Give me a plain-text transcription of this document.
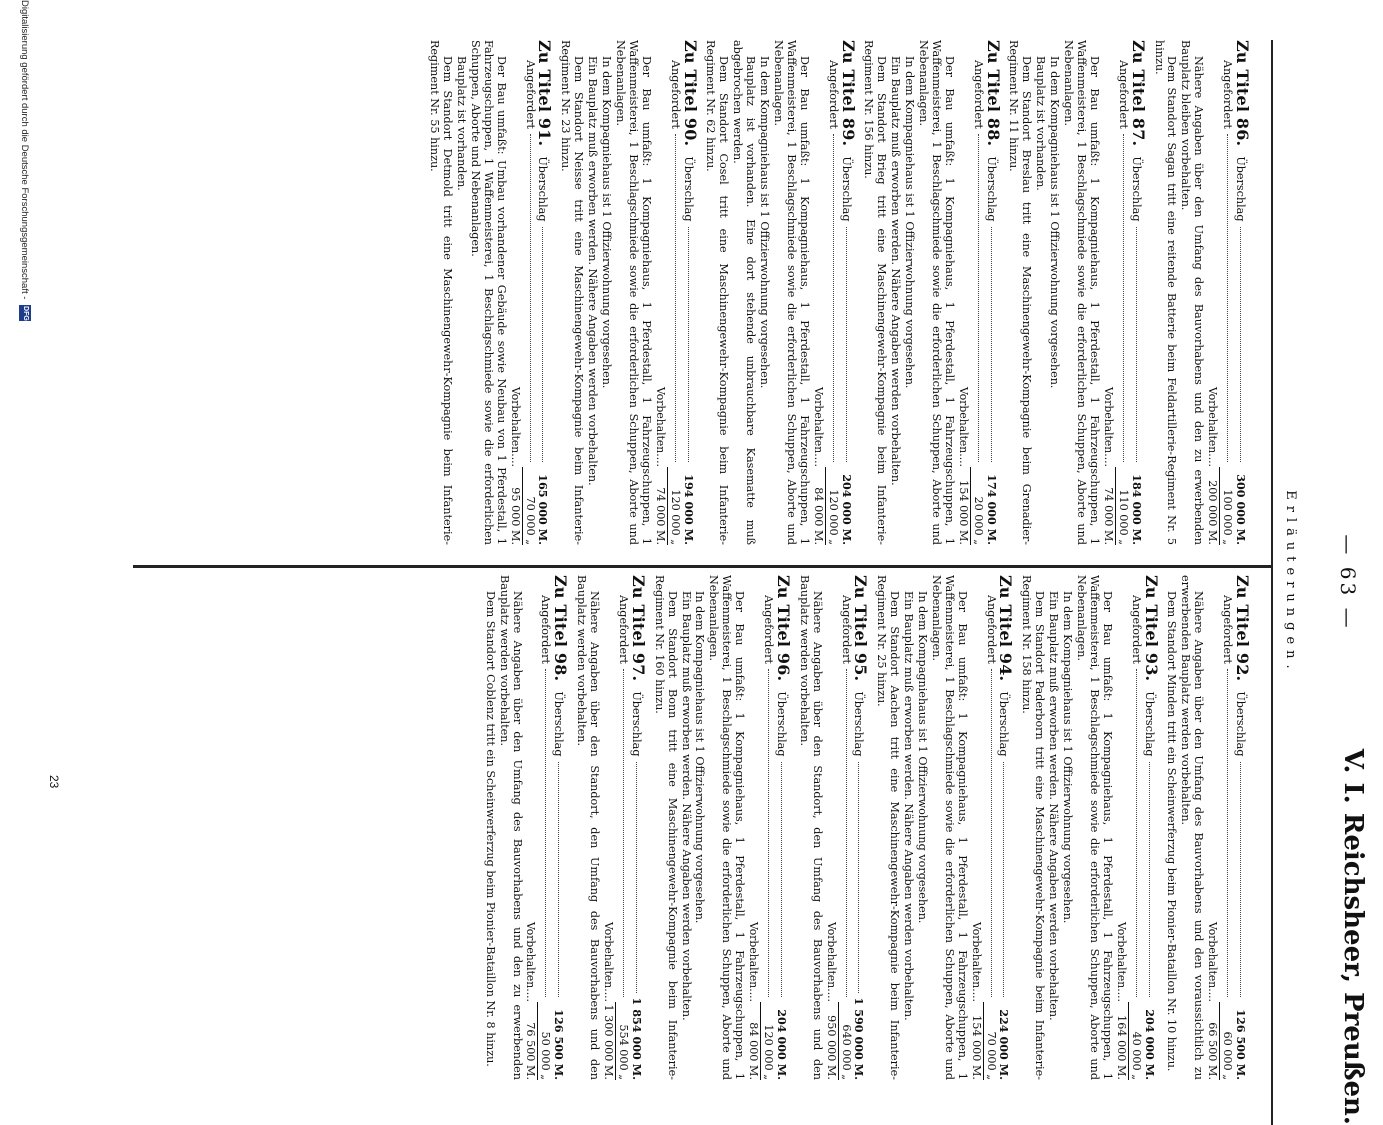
— 63 —
V. I. Reichsheer, Preußen.
Erläuterungen.
Zu Titel 86.
Überschlag
300 000 M.
Angefordert
100 000 „
Vorbehalten....
200 000 M.

Nähere Angaben über den Umfang des Bauvorhabens und den zu erwerbenden Bauplatz bleiben vorbehalten.

Dem Standort Sagan tritt eine reitende Batterie beim Feldartillerie-Regiment Nr. 5 hinzu.

Zu Titel 87.
Überschlag
184 000 M.
Angefordert
110 000 „
Vorbehalten....
74 000 M.

Der Bau umfaßt: 1 Kompagniehaus, 1 Pferdestall, 1 Fahrzeugschuppen, 1 Waffenmeisterei, 1 Beschlagschmiede sowie die erforderlichen Schuppen, Aborte und Nebenanlagen.

In dem Kompagniehaus ist 1 Offizierwohnung vorgesehen.

Bauplatz ist vorhanden.

Dem Standort Breslau tritt eine Maschinengewehr-Kompagnie beim Grenadier-Regiment Nr. 11 hinzu.

Zu Titel 88.
Überschlag
174 000 M.
Angefordert
20 000 „
Vorbehalten....
154 000 M.

Der Bau umfaßt: 1 Kompagniehaus, 1 Pferdestall, 1 Fahrzeugschuppen, 1 Waffenmeisterei, 1 Beschlagschmiede sowie die erforderlichen Schuppen, Aborte und Nebenanlagen.

In dem Kompagniehaus ist 1 Offizierwohnung vorgesehen.

Ein Bauplatz muß erworben werden. Nähere Angaben werden vorbehalten.

Dem Standort Brieg tritt eine Maschinengewehr-Kompagnie beim Infanterie-Regiment Nr. 156 hinzu.

Zu Titel 89.
Überschlag
204 000 M.
Angefordert
120 000 „
Vorbehalten....
84 000 M.

Der Bau umfaßt: 1 Kompagniehaus, 1 Pferdestall, 1 Fahrzeugschuppen, 1 Waffenmeisterei, 1 Beschlagschmiede sowie die erforderlichen Schuppen, Aborte und Nebenanlagen.

In dem Kompagniehaus ist 1 Offizierwohnung vorgesehen.

Bauplatz ist vorhanden. Eine dort stehende unbrauchbare Kasematte muß abgebrochen werden.

Dem Standort Cosel tritt eine Maschinengewehr-Kompagnie beim Infanterie-Regiment Nr. 62 hinzu.

Zu Titel 90.
Überschlag
194 000 M.
Angefordert
120 000 „
Vorbehalten....
74 000 M.

Der Bau umfaßt: 1 Kompagniehaus, 1 Pferdestall, 1 Fahrzeugschuppen, 1 Waffenmeisterei, 1 Beschlagschmiede sowie die erforderlichen Schuppen, Aborte und Nebenanlagen.

In dem Kompagniehaus ist 1 Offizierwohnung vorgesehen.

Ein Bauplatz muß erworben werden. Nähere Angaben werden vorbehalten.

Dem Standort Neisse tritt eine Maschinengewehr-Kompagnie beim Infanterie-Regiment Nr. 23 hinzu.

Zu Titel 91.
Überschlag
165 000 M.
Angefordert
70 000 „
Vorbehalten....
95 000 M.

Der Bau umfaßt: Umbau vorhandener Gebäude sowie Neubau von 1 Pferdestall, 1 Fahrzeugschuppen, 1 Waffenmeisterei, 1 Beschlagschmiede sowie die erforderlichen Schuppen, Aborte und Nebenanlagen.

Bauplatz ist vorhanden.

Dem Standort Detmold tritt eine Maschinengewehr-Kompagnie beim Infanterie-Regiment Nr. 55 hinzu.

Zu Titel 92.
Überschlag
126 500 M.
Angefordert
60 000 „
Vorbehalten....
66 500 M.

Nähere Angaben über den Umfang des Bauvorhabens und den voraussichtlich zu erwerbenden Bauplatz werden vorbehalten.

Dem Standort Minden tritt ein Scheinwerferzug beim Pionier-Bataillon Nr. 10 hinzu.

Zu Titel 93.
Überschlag
204 000 M.
Angefordert
40 000 „
Vorbehalten....
164 000 M.

Der Bau umfaßt: 1 Kompagniehaus, 1 Pferdestall, 1 Fahrzeugschuppen, 1 Waffenmeisterei, 1 Beschlagschmiede sowie die erforderlichen Schuppen, Aborte und Nebenanlagen.

In dem Kompagniehaus ist 1 Offizierwohnung vorgesehen.

Ein Bauplatz muß erworben werden. Nähere Angaben werden vorbehalten.

Dem Standort Paderborn tritt eine Maschinengewehr-Kompagnie beim Infanterie-Regiment Nr. 158 hinzu.

Zu Titel 94.
Überschlag
224 000 M.
Angefordert
70 000 „
Vorbehalten....
154 000 M.

Der Bau umfaßt: 1 Kompagniehaus, 1 Pferdestall, 1 Fahrzeugschuppen, 1 Waffenmeisterei, 1 Beschlagschmiede sowie die erforderlichen Schuppen, Aborte und Nebenanlagen.

In dem Kompagniehaus ist 1 Offizierwohnung vorgesehen.

Ein Bauplatz muß erworben werden. Nähere Angaben werden vorbehalten.

Dem Standort Aachen tritt eine Maschinengewehr-Kompagnie beim Infanterie-Regiment Nr. 25 hinzu.

Zu Titel 95.
Überschlag
1 590 000 M.
Angefordert
640 000 „
Vorbehalten....
950 000 M.

Nähere Angaben über den Standort, den Umfang des Bauvorhabens und den Bauplatz werden vorbehalten.

Zu Titel 96.
Überschlag
204 000 M.
Angefordert
120 000 „
Vorbehalten....
84 000 M.

Der Bau umfaßt: 1 Kompagniehaus, 1 Pferdestall, 1 Fahrzeugschuppen, 1 Waffenmeisterei, 1 Beschlagschmiede sowie die erforderlichen Schuppen, Aborte und Nebenanlagen.

In dem Kompagniehaus ist 1 Offizierwohnung vorgesehen.

Ein Bauplatz muß erworben werden. Nähere Angaben werden vorbehalten.

Dem Standort Bonn tritt eine Maschinengewehr-Kompagnie beim Infanterie-Regiment Nr. 160 hinzu.

Zu Titel 97.
Überschlag
1 854 000 M.
Angefordert
554 000 „
Vorbehalten....
1 300 000 M.

Nähere Angaben über den Standort, den Umfang des Bauvorhabens und den Bauplatz werden vorbehalten.

Zu Titel 98.
Überschlag
126 500 M.
Angefordert
50 000 „
Vorbehalten....
76 500 M.

Nähere Angaben über den Umfang des Bauvorhabens und den zu erwerbenden Bauplatz werden vorbehalten.

Dem Standort Coblenz tritt ein Scheinwerferzug beim Pionier-Bataillon Nr. 8 hinzu.

23
Digitalisierung gefördert durch die Deutsche Forschungsgemeinschaft -
DFG
